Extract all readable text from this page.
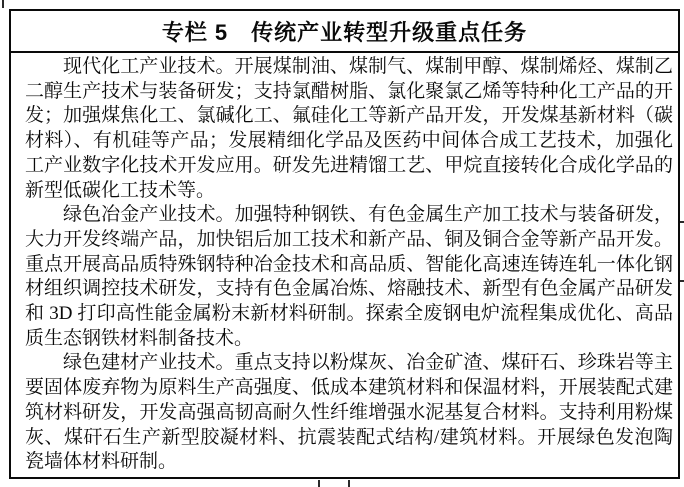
专栏 5　传统产业转型升级重点任务

现代化工产业技术。开展煤制油、煤制气、煤制甲醇、煤制烯烃、煤制乙二醇生产技术与装备研发；支持氯醋树脂、氯化聚氯乙烯等特种化工产品的开发；加强煤焦化工、氯碱化工、氟硅化工等新产品开发，开发煤基新材料（碳材料）、有机硅等产品；发展精细化学品及医药中间体合成工艺技术，加强化工产业数字化技术开发应用。研发先进精馏工艺、甲烷直接转化合成化学品的新型低碳化工技术等。

绿色冶金产业技术。加强特种钢铁、有色金属生产加工技术与装备研发，大力开发终端产品，加快铝后加工技术和新产品、铜及铜合金等新产品开发。重点开展高品质特殊钢特种冶金技术和高品质、智能化高速连铸连轧一体化钢材组织调控技术研发，支持有色金属冶炼、熔融技术、新型有色金属产品研发和 3D 打印高性能金属粉末新材料研制。探索全废钢电炉流程集成优化、高品质生态钢铁材料制备技术。

绿色建材产业技术。重点支持以粉煤灰、冶金矿渣、煤矸石、珍珠岩等主要固体废弃物为原料生产高强度、低成本建筑材料和保温材料，开展装配式建筑材料研发，开发高强高韧高耐久性纤维增强水泥基复合材料。支持利用粉煤灰、煤矸石生产新型胶凝材料、抗震装配式结构/建筑材料。开展绿色发泡陶瓷墙体材料研制。
